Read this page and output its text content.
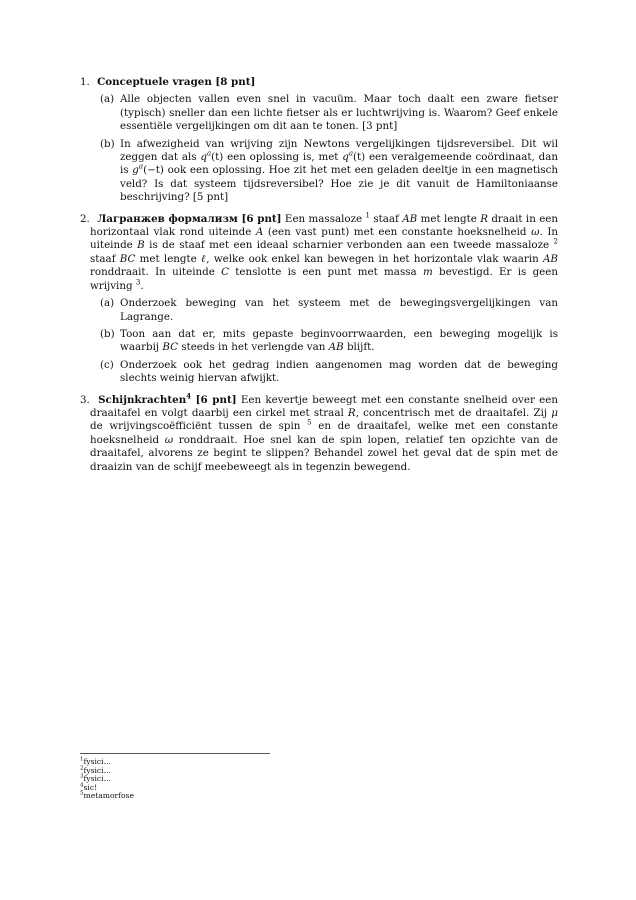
1. Conceptuele vragen [8 pnt]
(a) Alle objecten vallen even snel in vacuüm. Maar toch daalt een zware fietser (typisch) sneller dan een lichte fietser als er luchtwrijving is. Waarom? Geef enkele essentiële vergelijkingen om dit aan te tonen. [3 pnt]
(b) In afwezigheid van wrijving zijn Newtons vergelijkingen tijdsreversibel. Dit wil zeggen dat als $q^a(t)$ een oplossing is, met $q^a(t)$ een veralgemeende coördinaat, dan is $g^a(-t)$ ook een oplossing. Hoe zit het met een geladen deeltje in een magnetisch veld? Is dat systeem tijdsreversibel? Hoe zie je dit vanuit de Hamiltoniaanse beschrijving? [5 pnt]
2. Лагранжев формализм [6 pnt] Een massaloze $^1$ staaf AB met lengte R draait in een horizontaal vlak rond uiteinde A (een vast punt) met een constante hoeksnelheid ω. In uiteinde B is de staaf met een ideaal scharnier verbonden aan een tweede massaloze $^2$ staaf BC met lengte ℓ, welke ook enkel kan bewegen in het horizontale vlak waarin AB ronddraait. In uiteinde C tenslotte is een punt met massa m bevestigd. Er is geen wrijving $^3$.
(a) Onderzoek beweging van het systeem met de bewegingsvergelijkingen van Lagrange.
(b) Toon aan dat er, mits gepaste beginvoorrwaarden, een beweging mogelijk is waarbij BC steeds in het verlengde van AB blijft.
(c) Onderzoek ook het gedrag indien aangenomen mag worden dat de beweging slechts weinig hiervan afwijkt.
3. Schijnkrachten$^4$ [6 pnt] Een kevertje beweegt met een constante snelheid over een draaitafel en volgt daarbij een cirkel met straal R, concentrisch met de draaitafel. Zij μ de wrijvingscoëfficiënt tussen de spin $^5$ en de draaitafel, welke met een constante hoeksnelheid ω ronddraait. Hoe snel kan de spin lopen, relatief ten opzichte van de draaitafel, alvorens ze begint te slippen? Behandel zowel het geval dat de spin met de draaizin van de schijf meebeweegt als in tegenzin bewegend.
$^1$fysici...
$^2$fysici...
$^3$fysici...
$^4$sic!
$^5$metamorfose
